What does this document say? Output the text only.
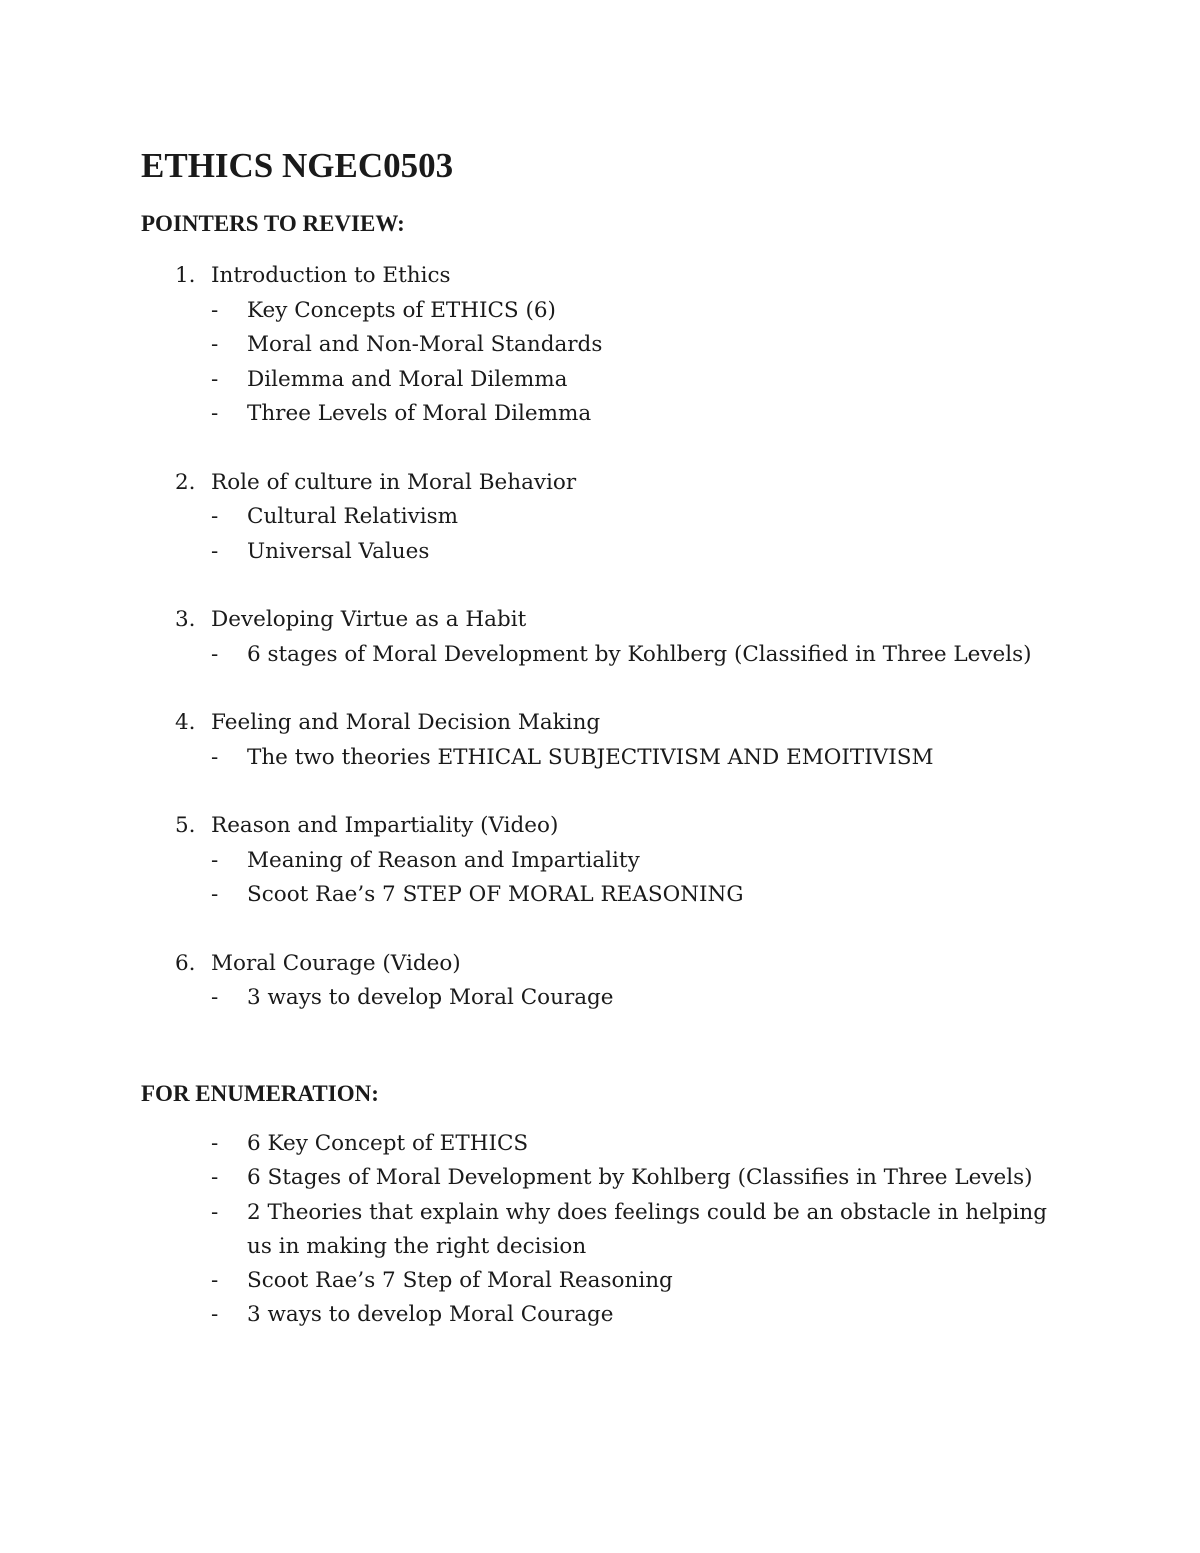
ETHICS NGEC0503
POINTERS TO REVIEW:
1. Introduction to Ethics
-	Key Concepts of ETHICS (6)
-	Moral and Non-Moral Standards
-	Dilemma and Moral Dilemma
-	Three Levels of Moral Dilemma
2. Role of culture in Moral Behavior
-	Cultural Relativism
-	Universal Values
3. Developing Virtue as a Habit
-	6 stages of Moral Development by Kohlberg (Classified in Three Levels)
4. Feeling and Moral Decision Making
-	The two theories ETHICAL SUBJECTIVISM AND EMOITIVISM
5. Reason and Impartiality (Video)
-	Meaning of Reason and Impartiality
-	Scoot Rae’s 7 STEP OF MORAL REASONING
6. Moral Courage (Video)
-	3 ways to develop Moral Courage
FOR ENUMERATION:
-	6 Key Concept of ETHICS
-	6 Stages of Moral Development by Kohlberg (Classifies in Three Levels)
-	2 Theories that explain why does feelings could be an obstacle in helping us in making the right decision
-	Scoot Rae’s 7 Step of Moral Reasoning
-	3 ways to develop Moral Courage
